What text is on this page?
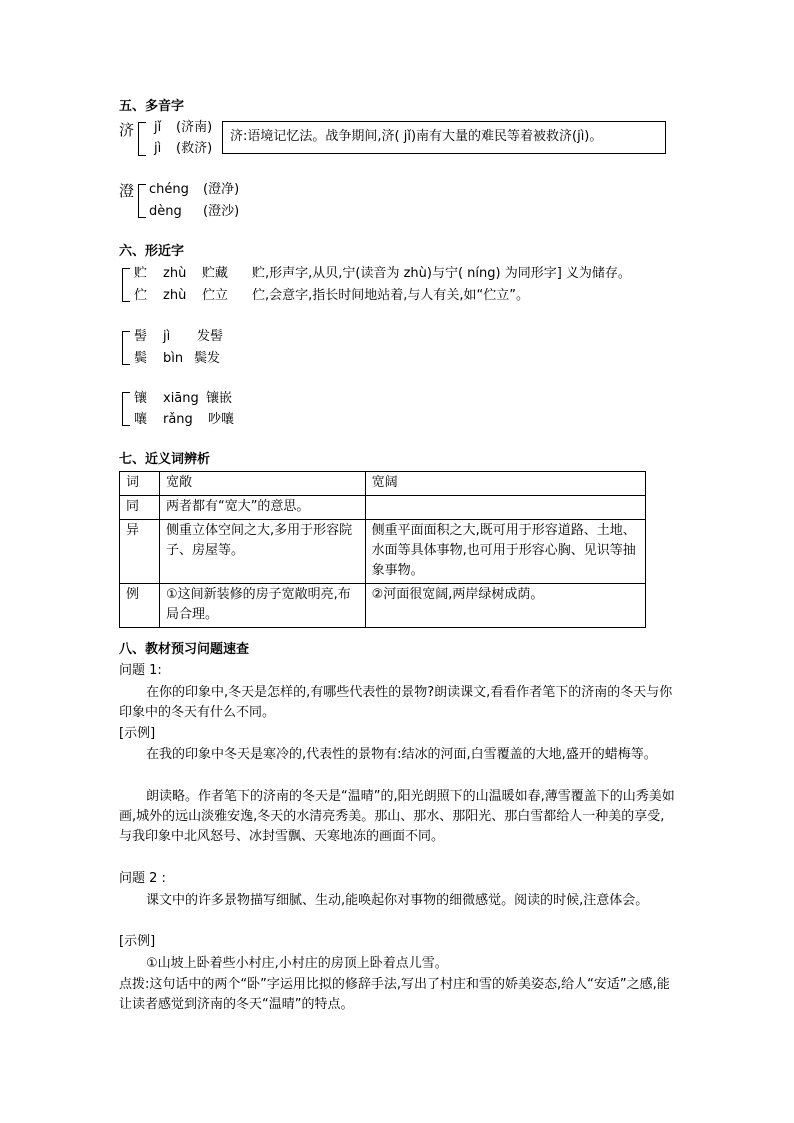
五、多音字
济 jǐ (济南)
jì (救济)
济:语境记忆法。战争期间,济( jǐ)南有大量的难民等着被救济(jì)。
澄 chéng (澄净)
dèng (澄沙)
六、形近字
贮 zhù 贮藏 贮,形声字,从贝,宁(读音为 zhù)与宁( níng) 为同形字] 义为储存。
伫 zhù 伫立 伫,会意字,指长时间地站着,与人有关,如“伫立”。
髻 jì 发髻
鬓 bìn 鬓发
镶 xiāng 镶嵌
嚷 rǎng 吵嚷
七、近义词辨析
词	宽敞	宽阔
同	两者都有“宽大”的意思。	
异	侧重立体空间之大,多用于形容院子、房屋等。	侧重平面面积之大,既可用于形容道路、土地、水面等具体事物,也可用于形容心胸、见识等抽象事物。
例	①这间新装修的房子宽敞明亮,布局合理。	②河面很宽阔,两岸绿树成荫。
八、教材预习问题速查
问题 1:
在你的印象中,冬天是怎样的,有哪些代表性的景物?朗读课文,看看作者笔下的济南的冬天与你印象中的冬天有什么不同。
[示例]
在我的印象中冬天是寒冷的,代表性的景物有:结冰的河面,白雪覆盖的大地,盛开的蜡梅等。
朗读略。作者笔下的济南的冬天是“温晴”的,阳光朗照下的山温暖如春,薄雪覆盖下的山秀美如画,城外的远山淡雅安逸,冬天的水清亮秀美。那山、那水、那阳光、那白雪都给人一种美的享受,与我印象中北风怒号、冰封雪飘、天寒地冻的画面不同。
问题 2 :
课文中的许多景物描写细腻、生动,能唤起你对事物的细微感觉。阅读的时候,注意体会。
[示例]
①山坡上卧着些小村庄,小村庄的房顶上卧着点儿雪。
点拨:这句话中的两个“卧”字运用比拟的修辞手法,写出了村庄和雪的娇美姿态,给人“安适”之感,能让读者感觉到济南的冬天“温晴”的特点。
